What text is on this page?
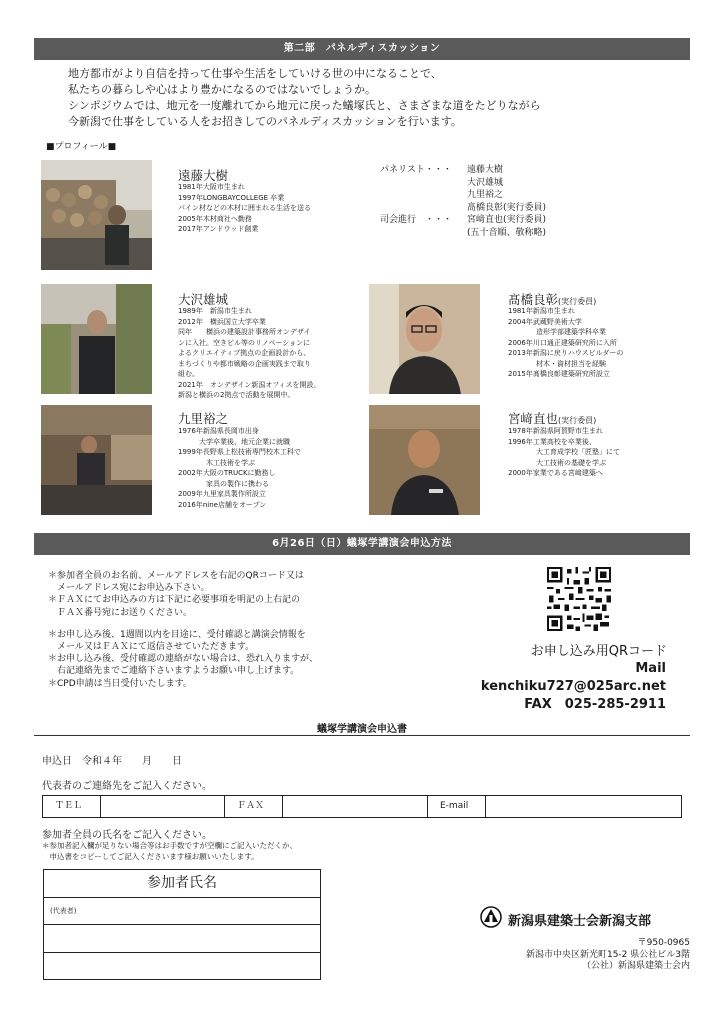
第二部　パネルディスカッション
地方都市がより自信を持って仕事や生活をしていける世の中になることで、
私たちの暮らしや心はより豊かになるのではないでしょうか。
シンポジウムでは、地元を一度離れてから地元に戻った蟻塚氏と、さまざまな道をたどりながら
今新潟で仕事をしている人をお招きしてのパネルディスカッションを行います。
■プロフィール■
遠藤大樹
1981年大阪市生まれ
1997年LONGBAYCOLLEGE 卒業
パイン材などの木材に囲まれる生活を送る
2005年木材商社へ勤務
2017年アンドウッド創業
パネリスト・・・	遠藤大樹
大沢雄城
九里裕之
髙橋良彰(実行委員)
司会進行　・・・	宮﨑直也(実行委員)
(五十音順、敬称略)
大沢雄城
1989年　新潟市生まれ
2012年　横浜国立大学卒業
同年　　横浜の建築設計事務所オンデザイ
ンに入社。空きビル等のリノベーションに
よるクリエイティブ拠点の企画設計から、
まちづくりや都市戦略の企画実践まで取り
組む。
2021年　オンデザイン新潟オフィスを開設。
新潟と横浜の2拠点で活動を展開中。
髙橋良彰(実行委員)
1981年新潟市生まれ
2004年武蔵野美術大学
　　　　造形学部建築学科卒業
2006年川口通正建築研究所に入所
2013年新潟に戻りハウスビルダーの
　　　　材木・資材担当を経験
2015年髙橋良彰建築研究所設立
九里裕之
1976年新潟県長岡市出身
　　　大学卒業後、地元企業に就職
1999年長野県上松技術専門校木工科で
　　　　木工技術を学ぶ
2002年大阪のTRUCKに勤務し
　　　　家具の製作に携わる
2009年九里家具製作所設立
2016年nine店舗をオープン
宮﨑直也(実行委員)
1978年新潟県阿賀野市生まれ
1996年工業高校を卒業後、
　　　　大工育成学校「匠塾」にて
　　　　大工技術の基礎を学ぶ
2000年家業である宮﨑建築へ
6月26日（日）蟻塚学講演会申込方法
＊参加者全員のお名前、メールアドレスを右記のQRコード又は
　メールアドレス宛にお申込み下さい。
＊ＦＡＸにてお申込みの方は下記に必要事項を明記の上右記の
　ＦＡＸ番号宛にお送りください。
＊お申し込み後、1週間以内を目途に、受付確認と講演会情報を
　メール又はＦＡＸにて返信させていただきます。
＊お申し込み後、受付確認の連絡がない場合は、恐れ入りますが、
　右記連絡先までご連絡下さいますようお願い申し上げます。
＊CPD申請は当日受付いたします。
お申し込み用QRコード
Mail
kenchiku727@025arc.net
FAX　025-285-2911
蟻塚学講演会申込書
申込日　令和４年　　月　　日
代表者のご連絡先をご記入ください。
ＴＥＬ	ＦＡＸ	E-mail
参加者全員の氏名をご記入ください。
＊参加者記入欄が足りない場合等はお手数ですが空欄にご記入いただくか、
　申込書をコピーしてご記入くださいます様お願いいたします。
参加者氏名
(代表者)
新潟県建築士会新潟支部
〒950-0965
新潟市中央区新光町15-2 県公社ビル3階
（公社）新潟県建築士会内
